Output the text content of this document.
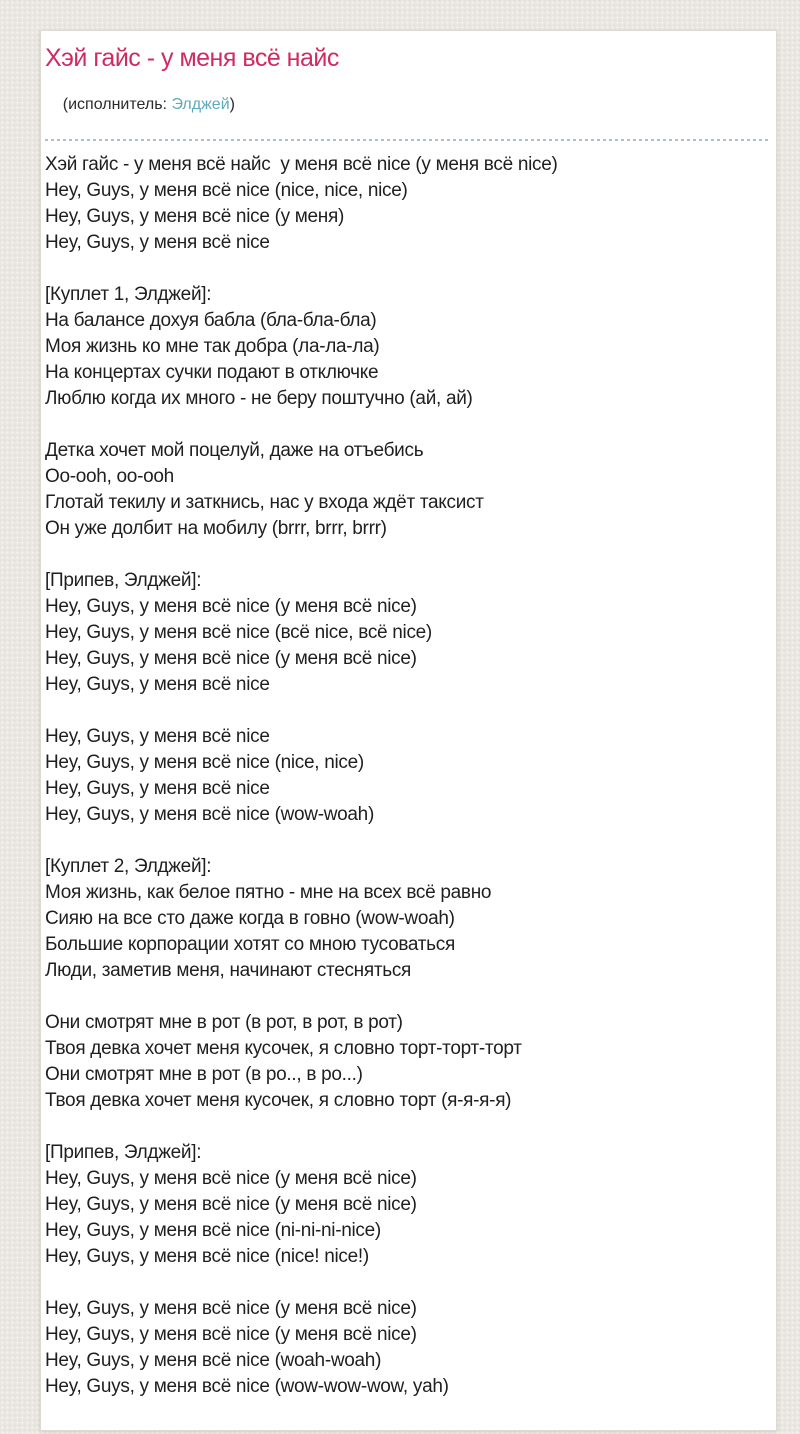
Хэй гайс - у меня всё найс

(исполнитель: Элджей)

Хэй гайс - у меня всё найс  у меня всё nice (у меня всё nice)
Hey, Guys, у меня всё nice (nice, nice, nice)
Hey, Guys, у меня всё nice (у меня)
Hey, Guys, у меня всё nice
[Куплет 1, Элджей]:
На балансе дохуя бабла (бла-бла-бла)
Моя жизнь ко мне так добра (ла-ла-ла)
На концертах сучки подают в отключке
Люблю когда их много - не беру поштучно (ай, ай)
Детка хочет мой поцелуй, даже на отъебись
Oo-ooh, oo-ooh
Глотай текилу и заткнись, нас у входа ждёт таксист
Он уже долбит на мобилу (brrr, brrr, brrr)
[Припев, Элджей]:
Hey, Guys, у меня всё nice (у меня всё nice)
Hey, Guys, у меня всё nice (всё nice, всё nice)
Hey, Guys, у меня всё nice (у меня всё nice)
Hey, Guys, у меня всё nice
Hey, Guys, у меня всё nice
Hey, Guys, у меня всё nice (nice, nice)
Hey, Guys, у меня всё nice
Hey, Guys, у меня всё nice (wow-woah)
[Куплет 2, Элджей]:
Моя жизнь, как белое пятно - мне на всех всё равно
Сияю на все сто даже когда в говно (wow-woah)
Большие корпорации хотят со мною тусоваться
Люди, заметив меня, начинают стесняться
Они смотрят мне в рот (в рот, в рот, в рот)
Твоя девка хочет меня кусочек, я словно торт-торт-торт
Они смотрят мне в рот (в ро.., в ро...)
Твоя девка хочет меня кусочек, я словно торт (я-я-я-я)
[Припев, Элджей]:
Hey, Guys, у меня всё nice (у меня всё nice)
Hey, Guys, у меня всё nice (у меня всё nice)
Hey, Guys, у меня всё nice (ni-ni-ni-nice)
Hey, Guys, у меня всё nice (nice! nice!)
Hey, Guys, у меня всё nice (у меня всё nice)
Hey, Guys, у меня всё nice (у меня всё nice)
Hey, Guys, у меня всё nice (woah-woah)
Hey, Guys, у меня всё nice (wow-wow-wow, yah)
